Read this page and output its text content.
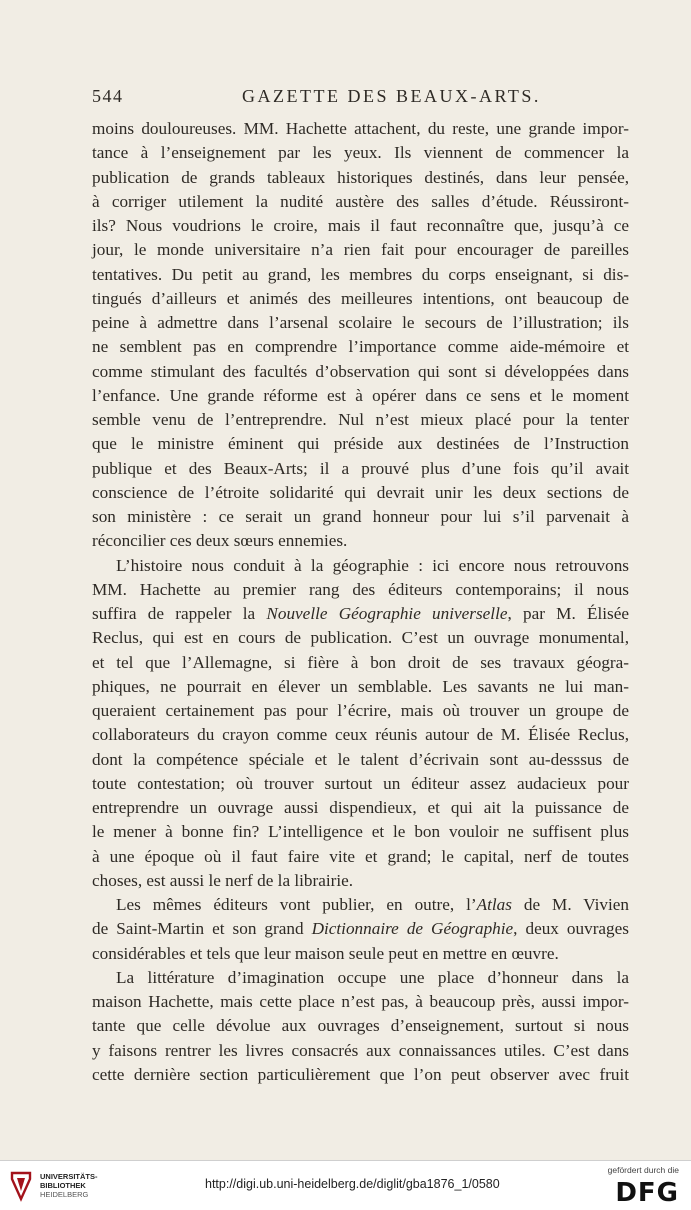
544	GAZETTE DES BEAUX-ARTS.
moins douloureuses. MM. Hachette attachent, du reste, une grande impor-
tance à l’enseignement par les yeux. Ils viennent de commencer la
publication de grands tableaux historiques destinés, dans leur pensée,
à corriger utilement la nudité austère des salles d’étude. Réussiront-
ils? Nous voudrions le croire, mais il faut reconnaître que, jusqu’à ce
jour, le monde universitaire n’a rien fait pour encourager de pareilles
tentatives. Du petit au grand, les membres du corps enseignant, si dis-
tingués d’ailleurs et animés des meilleures intentions, ont beaucoup de
peine à admettre dans l’arsenal scolaire le secours de l’illustration; ils
ne semblent pas en comprendre l’importance comme aide-mémoire et
comme stimulant des facultés d’observation qui sont si développées dans
l’enfance. Une grande réforme est à opérer dans ce sens et le moment
semble venu de l’entreprendre. Nul n’est mieux placé pour la tenter
que le ministre éminent qui préside aux destinées de l’Instruction
publique et des Beaux-Arts; il a prouvé plus d’une fois qu’il avait
conscience de l’étroite solidarité qui devrait unir les deux sections de
son ministère : ce serait un grand honneur pour lui s’il parvenait à
réconcilier ces deux sœurs ennemies.
L’histoire nous conduit à la géographie : ici encore nous retrouvons
MM. Hachette au premier rang des éditeurs contemporains; il nous
suffira de rappeler la Nouvelle Géographie universelle, par M. Élisée
Reclus, qui est en cours de publication. C’est un ouvrage monumental,
et tel que l’Allemagne, si fière à bon droit de ses travaux géogra-
phiques, ne pourrait en élever un semblable. Les savants ne lui man-
queraient certainement pas pour l’écrire, mais où trouver un groupe de
collaborateurs du crayon comme ceux réunis autour de M. Élisée Reclus,
dont la compétence spéciale et le talent d’écrivain sont au-desssus de
toute contestation; où trouver surtout un éditeur assez audacieux pour
entreprendre un ouvrage aussi dispendieux, et qui ait la puissance de
le mener à bonne fin? L’intelligence et le bon vouloir ne suffisent plus
à une époque où il faut faire vite et grand; le capital, nerf de toutes
choses, est aussi le nerf de la librairie.
Les mêmes éditeurs vont publier, en outre, l’Atlas de M. Vivien
de Saint-Martin et son grand Dictionnaire de Géographie, deux ouvrages
considérables et tels que leur maison seule peut en mettre en œuvre.
La littérature d’imagination occupe une place d’honneur dans la
maison Hachette, mais cette place n’est pas, à beaucoup près, aussi impor-
tante que celle dévolue aux ouvrages d’enseignement, surtout si nous
y faisons rentrer les livres consacrés aux connaissances utiles. C’est dans
cette dernière section particulièrement que l’on peut observer avec fruit
UNIVERSITÄTS-
BIBLIOTHEK
HEIDELBERG
http://digi.ub.uni-heidelberg.de/diglit/gba1876_1/0580
gefördert durch die
DFG
